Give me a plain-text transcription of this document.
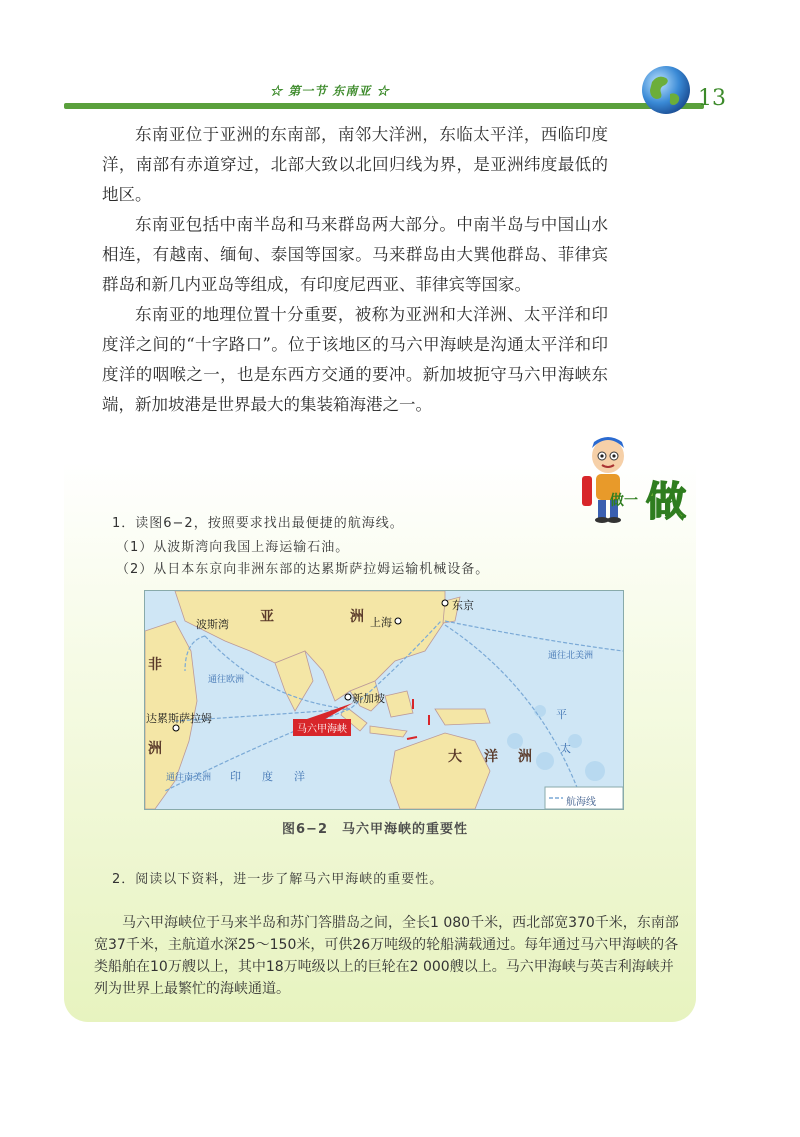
☆ 第一节 东南亚 ☆	13

东南亚位于亚洲的东南部，南邻大洋洲，东临太平洋，西临印度洋，南部有赤道穿过，北部大致以北回归线为界，是亚洲纬度最低的地区。

东南亚包括中南半岛和马来群岛两大部分。中南半岛与中国山水相连，有越南、缅甸、泰国等国家。马来群岛由大巽他群岛、菲律宾群岛和新几内亚岛等组成，有印度尼西亚、菲律宾等国家。

东南亚的地理位置十分重要，被称为亚洲和大洋洲、太平洋和印度洋之间的“十字路口”。位于该地区的马六甲海峡是沟通太平洋和印度洋的咽喉之一，也是东西方交通的要冲。新加坡扼守马六甲海峡东端，新加坡港是世界最大的集装箱海港之一。

做一 做
1．读图6−2，按照要求找出最便捷的航海线。
（1）从波斯湾向我国上海运输石油。
（2）从日本东京向非洲东部的达累斯萨拉姆运输机械设备。
东京
上海
亚	洲
非
洲
波斯湾
新加坡
达累斯萨拉姆
印 度 洋
大 洋 洲
平
太
通往欧洲
通往北美洲
通往南美洲
马六甲海峡
航海线
图6−2　马六甲海峡的重要性
2．阅读以下资料，进一步了解马六甲海峡的重要性。
马六甲海峡位于马来半岛和苏门答腊岛之间，全长1 080千米，西北部宽370千米，东南部宽37千米，主航道水深25～150米，可供26万吨级的轮船满载通过。每年通过马六甲海峡的各类船舶在10万艘以上，其中18万吨级以上的巨轮在2 000艘以上。马六甲海峡与英吉利海峡并列为世界上最繁忙的海峡通道。
